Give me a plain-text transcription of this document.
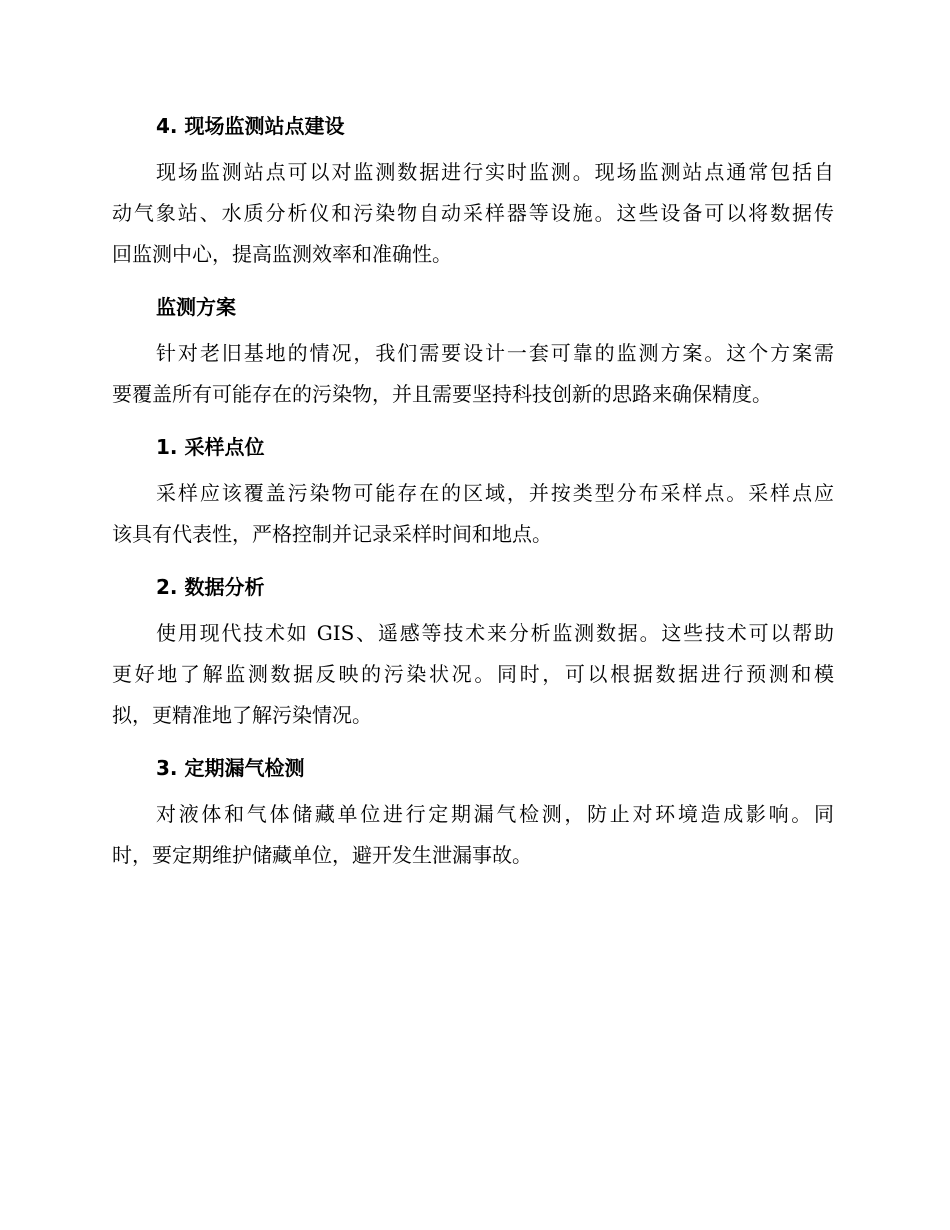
4. 现场监测站点建设

现场监测站点可以对监测数据进行实时监测。现场监测站点通常包括自
动气象站、水质分析仪和污染物自动采样器等设施。这些设备可以将数据传
回监测中心，提高监测效率和准确性。

监测方案

针对老旧基地的情况，我们需要设计一套可靠的监测方案。这个方案需
要覆盖所有可能存在的污染物，并且需要坚持科技创新的思路来确保精度。

1. 采样点位

采样应该覆盖污染物可能存在的区域，并按类型分布采样点。采样点应
该具有代表性，严格控制并记录采样时间和地点。

2. 数据分析

使用现代技术如 GIS、遥感等技术来分析监测数据。这些技术可以帮助
更好地了解监测数据反映的污染状况。同时，可以根据数据进行预测和模
拟，更精准地了解污染情况。

3. 定期漏气检测

对液体和气体储藏单位进行定期漏气检测，防止对环境造成影响。同
时，要定期维护储藏单位，避开发生泄漏事故。
